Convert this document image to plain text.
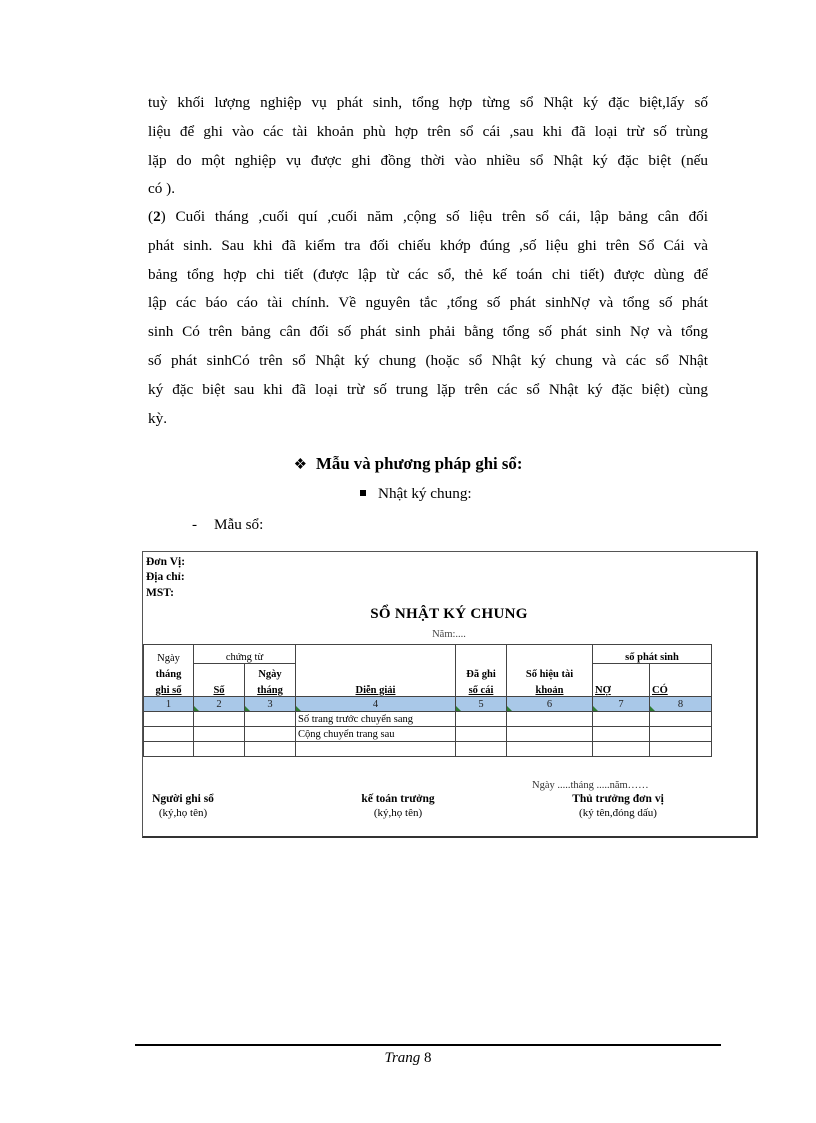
tuỳ khối lượng nghiệp vụ phát sinh, tổng hợp từng sổ Nhật ký đặc biệt,lấy số
liệu để ghi vào các tài khoản phù hợp trên sổ cái ,sau khi đã loại trừ số trùng
lặp do một nghiệp vụ được ghi đồng thời vào nhiều sổ Nhật ký đặc biệt (nếu
có ).
(2) Cuối tháng ,cuối quí ,cuối năm ,cộng số liệu trên sổ cái, lập bảng cân đối
phát sinh. Sau khi đã kiểm tra đối chiếu khớp đúng ,số liệu ghi trên Sổ Cái và
bảng tổng hợp chi tiết (được lập từ các sổ, thẻ kế toán chi tiết) được dùng để
lập các báo cáo tài chính. Về nguyên tắc ,tổng số phát sinhNợ và tổng số phát
sinh Có trên bảng cân đối số phát sinh phải bằng tổng số phát sinh Nợ và tổng
số phát sinhCó trên sổ Nhật ký chung (hoặc sổ Nhật ký chung và các sổ Nhật
ký đặc biệt sau khi đã loại trừ số trung lặp trên các sổ Nhật ký đặc biệt) cùng
kỳ.
❖ Mẫu và phương pháp ghi sổ:
Nhật ký chung:
- Mẫu sổ:
Đơn Vị:
Địa chỉ:
MST:
SỔ NHẬT KÝ CHUNG
Năm:....
Ngày	chứng từ		Diễn giải			số phát sinh	
tháng		Ngày		Đã ghi	Số hiệu tài	NỢ	CÓ
ghi sổ	Số	tháng		sổ cái	khoản		
1	2	3	4	5	6	7	8
			Số trang trước chuyển sang				
			Cộng chuyển trang sau				

Ngày .....tháng .....năm……
Người ghi sổ
(ký,họ tên)
kế toán trưởng
(ký,họ tên)
Thủ trưởng đơn vị
(ký tên,đóng dấu)
Trang 8
